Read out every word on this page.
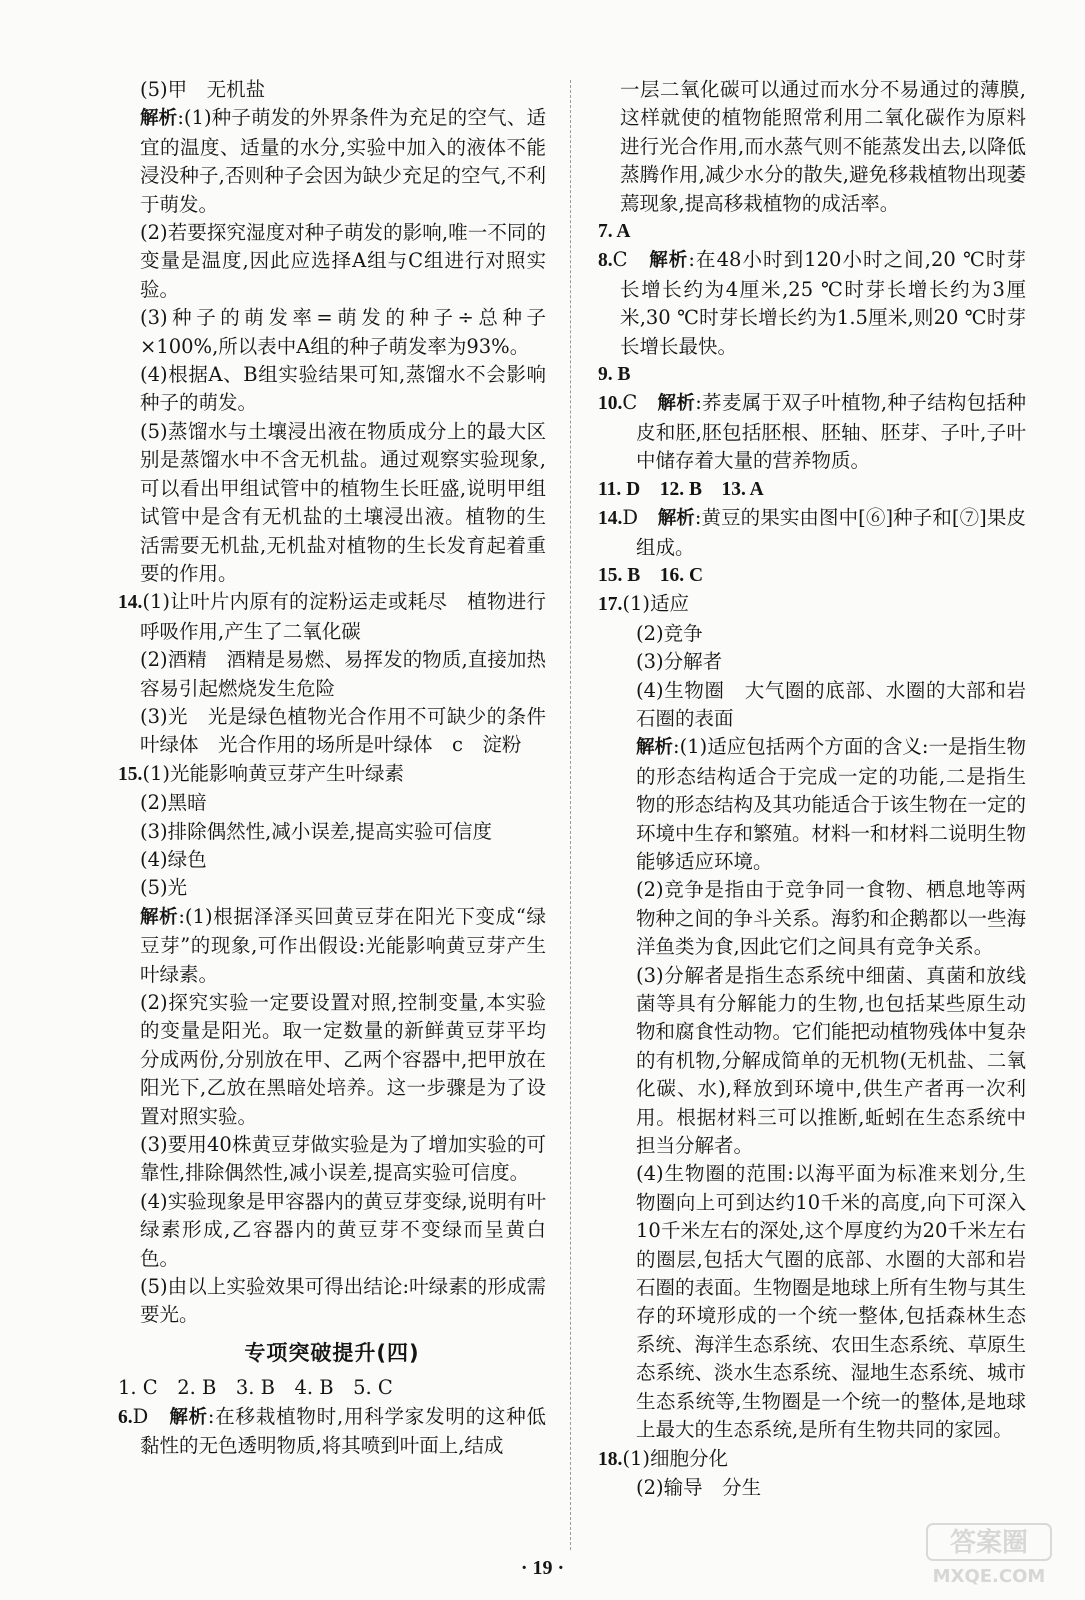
(5)甲　无机盐

解析:(1)种子萌发的外界条件为充足的空气、适宜的温度、适量的水分,实验中加入的液体不能浸没种子,否则种子会因为缺少充足的空气,不利于萌发。

(2)若要探究湿度对种子萌发的影响,唯一不同的变量是温度,因此应选择A组与C组进行对照实验。

(3)种子的萌发率=萌发的种子÷总种子×100%,所以表中A组的种子萌发率为93%。

(4)根据A、B组实验结果可知,蒸馏水不会影响种子的萌发。

(5)蒸馏水与土壤浸出液在物质成分上的最大区别是蒸馏水中不含无机盐。通过观察实验现象,可以看出甲组试管中的植物生长旺盛,说明甲组试管中是含有无机盐的土壤浸出液。植物的生活需要无机盐,无机盐对植物的生长发育起着重要的作用。

14.(1)让叶片内原有的淀粉运走或耗尽　植物进行呼吸作用,产生了二氧化碳

(2)酒精　酒精是易燃、易挥发的物质,直接加热容易引起燃烧发生危险

(3)光　光是绿色植物光合作用不可缺少的条件　叶绿体　光合作用的场所是叶绿体　c　淀粉

15.(1)光能影响黄豆芽产生叶绿素

(2)黑暗

(3)排除偶然性,减小误差,提高实验可信度

(4)绿色

(5)光

解析:(1)根据泽泽买回黄豆芽在阳光下变成“绿豆芽”的现象,可作出假设:光能影响黄豆芽产生叶绿素。

(2)探究实验一定要设置对照,控制变量,本实验的变量是阳光。取一定数量的新鲜黄豆芽平均分成两份,分别放在甲、乙两个容器中,把甲放在阳光下,乙放在黑暗处培养。这一步骤是为了设置对照实验。

(3)要用40株黄豆芽做实验是为了增加实验的可靠性,排除偶然性,减小误差,提高实验可信度。

(4)实验现象是甲容器内的黄豆芽变绿,说明有叶绿素形成,乙容器内的黄豆芽不变绿而呈黄白色。

(5)由以上实验效果可得出结论:叶绿素的形成需要光。

专项突破提升(四)

1. C　2. B　3. B　4. B　5. C

6.D　 解析:在移栽植物时,用科学家发明的这种低黏性的无色透明物质,将其喷到叶面上,结成

一层二氧化碳可以通过而水分不易通过的薄膜,这样就使的植物能照常利用二氧化碳作为原料进行光合作用,而水蒸气则不能蒸发出去,以降低蒸腾作用,减少水分的散失,避免移栽植物出现萎蔫现象,提高移栽植物的成活率。

7. A

8.C　 解析:在48小时到120小时之间,20 ℃时芽长增长约为4厘米,25 ℃时芽长增长约为3厘米,30 ℃时芽长增长约为1.5厘米,则20 ℃时芽长增长最快。

9. B

10.C　 解析:荞麦属于双子叶植物,种子结构包括种皮和胚,胚包括胚根、胚轴、胚芽、子叶,子叶中储存着大量的营养物质。

11. D　12. B　13. A

14.D　 解析:黄豆的果实由图中[⑥]种子和[⑦]果皮组成。

15. B　16. C

17.(1)适应

(2)竞争

(3)分解者

(4)生物圈　大气圈的底部、水圈的大部和岩石圈的表面

解析:(1)适应包括两个方面的含义:一是指生物的形态结构适合于完成一定的功能,二是指生物的形态结构及其功能适合于该生物在一定的环境中生存和繁殖。材料一和材料二说明生物能够适应环境。

(2)竞争是指由于竞争同一食物、栖息地等两物种之间的争斗关系。海豹和企鹅都以一些海洋鱼类为食,因此它们之间具有竞争关系。

(3)分解者是指生态系统中细菌、真菌和放线菌等具有分解能力的生物,也包括某些原生动物和腐食性动物。它们能把动植物残体中复杂的有机物,分解成简单的无机物(无机盐、二氧化碳、水),释放到环境中,供生产者再一次利用。根据材料三可以推断,蚯蚓在生态系统中担当分解者。

(4)生物圈的范围:以海平面为标准来划分,生物圈向上可到达约10千米的高度,向下可深入10千米左右的深处,这个厚度约为20千米左右的圈层,包括大气圈的底部、水圈的大部和岩石圈的表面。生物圈是地球上所有生物与其生存的环境形成的一个统一整体,包括森林生态系统、海洋生态系统、农田生态系统、草原生态系统、淡水生态系统、湿地生态系统、城市生态系统等,生物圈是一个统一的整体,是地球上最大的生态系统,是所有生物共同的家园。

18.(1)细胞分化

(2)输导　分生

· 19 ·
答案圈
MXQE.COM
